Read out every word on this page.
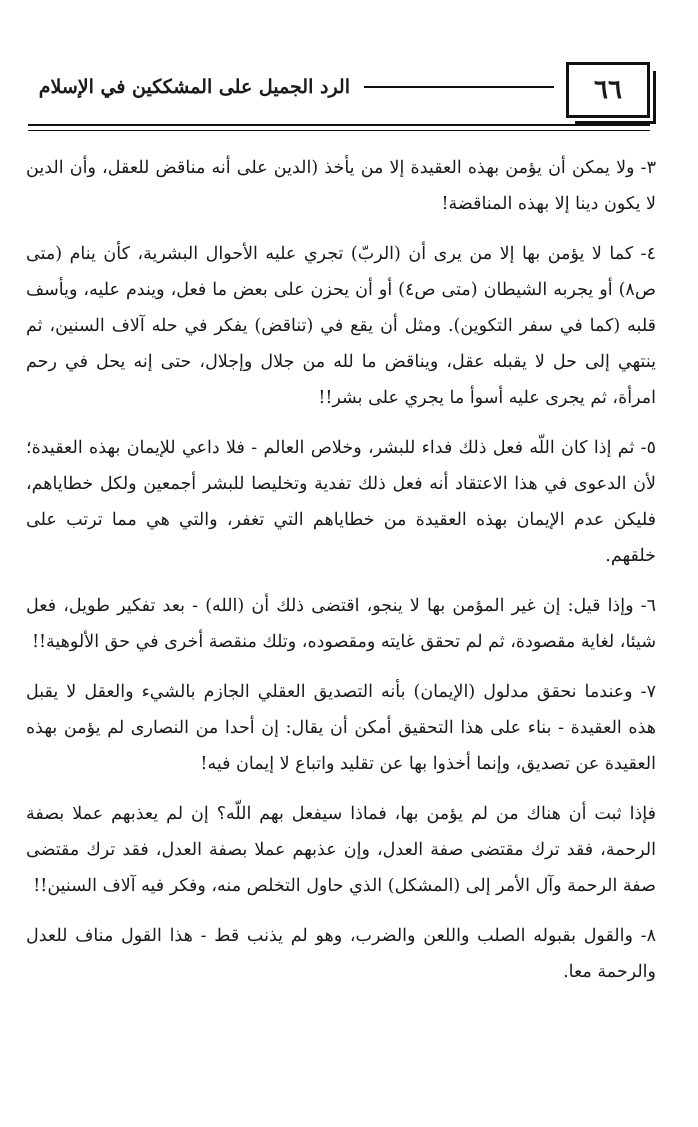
٦٦
الرد الجميل على المشككين في الإسلام

٣- ولا يمكن أن يؤمن بهذه العقيدة إلا من يأخذ (الدين على أنه مناقض للعقل، وأن الدين لا يكون دينا إلا بهذه المناقضة!

٤- كما لا يؤمن بها إلا من يرى أن (الربّ) تجري عليه الأحوال البشرية، كأن ينام (متى ص٨) أو يجربه الشيطان (متى ص٤) أو أن يحزن على بعض ما فعل، ويندم عليه، ويأسف قلبه (كما في سفر التكوين). ومثل أن يقع في (تناقض) يفكر في حله آلاف السنين، ثم ينتهي إلى حل لا يقبله عقل، ويناقض ما لله من جلال وإجلال، حتى إنه يحل في رحم امرأة، ثم يجرى عليه أسوأ ما يجري على بشر!!

٥- ثم إذا كان اللّه فعل ذلك فداء للبشر، وخلاص العالم - فلا داعي للإيمان بهذه العقيدة؛ لأن الدعوى في هذا الاعتقاد أنه فعل ذلك تفدية وتخليصا للبشر أجمعين ولكل خطاياهم، فليكن عدم الإيمان بهذه العقيدة من خطاياهم التي تغفر، والتي هي مما ترتب على خلقهم.

٦- وإذا قيل: إن غير المؤمن بها لا ينجو، اقتضى ذلك أن (الله) - بعد تفكير طويل، فعل شيئا، لغاية مقصودة، ثم لم تحقق غايته ومقصوده، وتلك منقصة أخرى في حق الألوهية!!

٧- وعندما نحقق مدلول (الإيمان) بأنه التصديق العقلي الجازم بالشيء والعقل لا يقبل هذه العقيدة - بناء على هذا التحقيق أمكن أن يقال: إن أحدا من النصارى لم يؤمن بهذه العقيدة عن تصديق، وإنما أخذوا بها عن تقليد واتباع لا إيمان فيه!

فإذا ثبت أن هناك من لم يؤمن بها، فماذا سيفعل بهم اللّه؟ إن لم يعذبهم عملا بصفة الرحمة، فقد ترك مقتضى صفة العدل، وإن عذبهم عملا بصفة العدل، فقد ترك مقتضى صفة الرحمة وآل الأمر إلى (المشكل) الذي حاول التخلص منه، وفكر فيه آلاف السنين!!

٨- والقول بقبوله الصلب واللعن والضرب، وهو لم يذنب قط - هذا القول مناف للعدل والرحمة معا.
